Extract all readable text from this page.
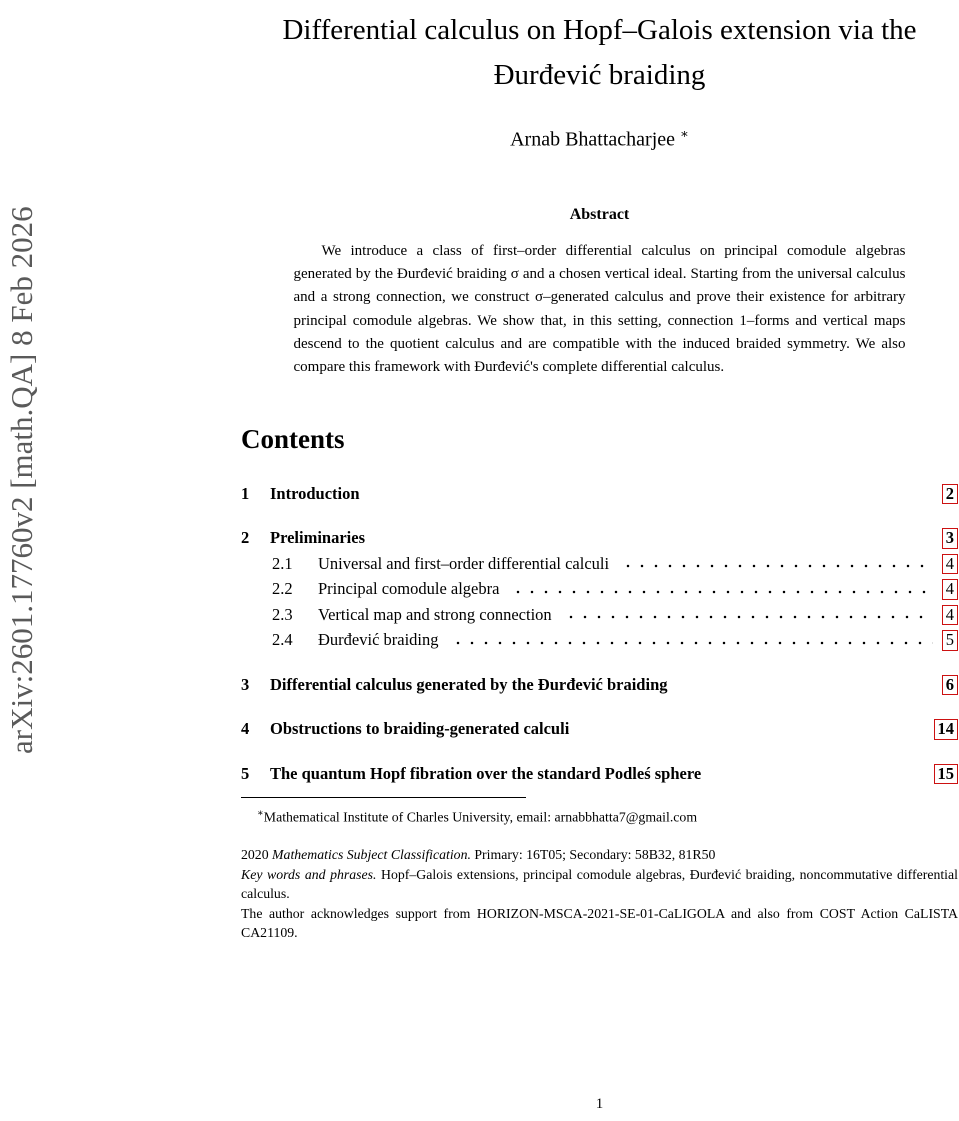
arXiv:2601.17760v2 [math.QA] 8 Feb 2026
Differential calculus on Hopf–Galois extension via the Đurđević braiding
Arnab Bhattacharjee ∗
Abstract

We introduce a class of first–order differential calculus on principal comodule algebras generated by the Đurđević braiding σ and a chosen vertical ideal. Starting from the universal calculus and a strong connection, we construct σ–generated calculus and prove their existence for arbitrary principal comodule algebras. We show that, in this setting, connection 1–forms and vertical maps descend to the quotient calculus and are compatible with the induced braided symmetry. We also compare this framework with Đurđević's complete differential calculus.

Contents
1	Introduction	2
2	Preliminaries	3
2.1	Universal and first–order differential calculi	4
2.2	Principal comodule algebra	4
2.3	Vertical map and strong connection	4
2.4	Đurđević braiding	5
3	Differential calculus generated by the Đurđević braiding	6
4	Obstructions to braiding-generated calculi	14
5	The quantum Hopf fibration over the standard Podleś sphere	15
∗Mathematical Institute of Charles University, email: arnabbhatta7@gmail.com

2020 Mathematics Subject Classification. Primary: 16T05; Secondary: 58B32, 81R50

Key words and phrases. Hopf–Galois extensions, principal comodule algebras, Đurđević braiding, noncommutative differential calculus.

The author acknowledges support from HORIZON-MSCA-2021-SE-01-CaLIGOLA and also from COST Action CaLISTA CA21109.

1
